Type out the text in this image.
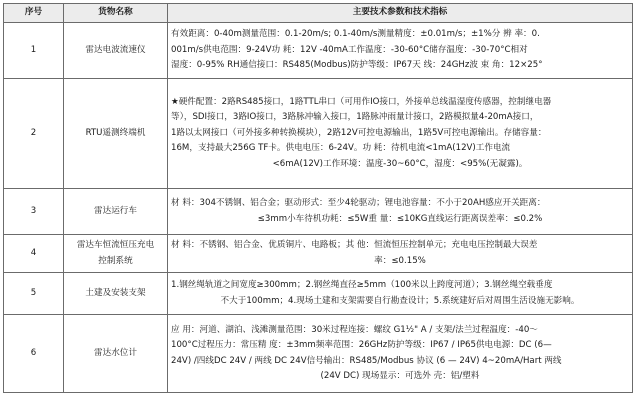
序号	货物名称	主要技术参数和技术指标
1	雷达电波流速仪	有效距离：0-40m测量范围：0.1-20m/s; 0.1-40m/s测量精度：±0.01m/s；±1%分 辨 率：0.
001m/s供电范围：9-24V功 耗：12V -40mA工作温度：-30-60°C储存温度：-30-70°C相对
湿度：0-95% RH通信接口：RS485(Modbus)防护等级：IP67天 线：24GHz波 束 角：12×25°

2	RTU遥测终端机	★硬件配置：2路RS485接口，1路TTL串口（可用作IO接口，外接单总线温湿度传感器，控制继电器
等），SDI接口，3路IO接口，3路脉冲输入接口，1路脉冲雨量计接口，2路模拟量4-20mA接口，
1路以太网接口（可外接多种转换模块），2路12V可控电源输出，1路5V可控电源输出。存储容量：
16M，支持最大256G TF卡。供电电压：6-24V。功 耗：待机电流<1mA(12V)工作电流
<6mA(12V)工作环境：温度-30~60°C，湿度：<95%(无凝露)。

3	雷达运行车	材 料：304不锈钢、铝合金；驱动形式：至少4轮驱动；锂电池容量：不小于20AH感应开关距离：
≤3mm小车待机功耗：≤5W重 量：≤10KG直线运行距离误差率：≤0.2%

4	雷达车恒流恒压充电
控制系统	材 料：不锈钢、铝合金、优质铜片、电路板；其 他：恒流恒压控制单元；充电电压控制最大误差
率：≤0.15%

5	土建及安装支架	1.钢丝绳轨道之间宽度≥300mm；2.钢丝绳直径≥5mm（100米以上跨度河道）；3.钢丝绳空载垂度
不大于100mm；4.现场土建和支架需要自行勘查设计；5.系统建好后对周围生活设施无影响。

6	雷达水位计	应 用：河道、湖泊、浅滩测量范围：30米过程连接：螺纹 G1½" A / 支架/法兰过程温度：-40～
100°C过程压力：常压精 度：±3mm频率范围：26GHz防护等级：IP67 / IP65供电电源：DC (6—
24V) /四线DC 24V / 两线 DC 24V信号输出：RS485/Modbus 协议 (6 — 24V) 4~20mA/Hart 两线
(24V DC) 现场显示：可选外 壳：铝/塑料
